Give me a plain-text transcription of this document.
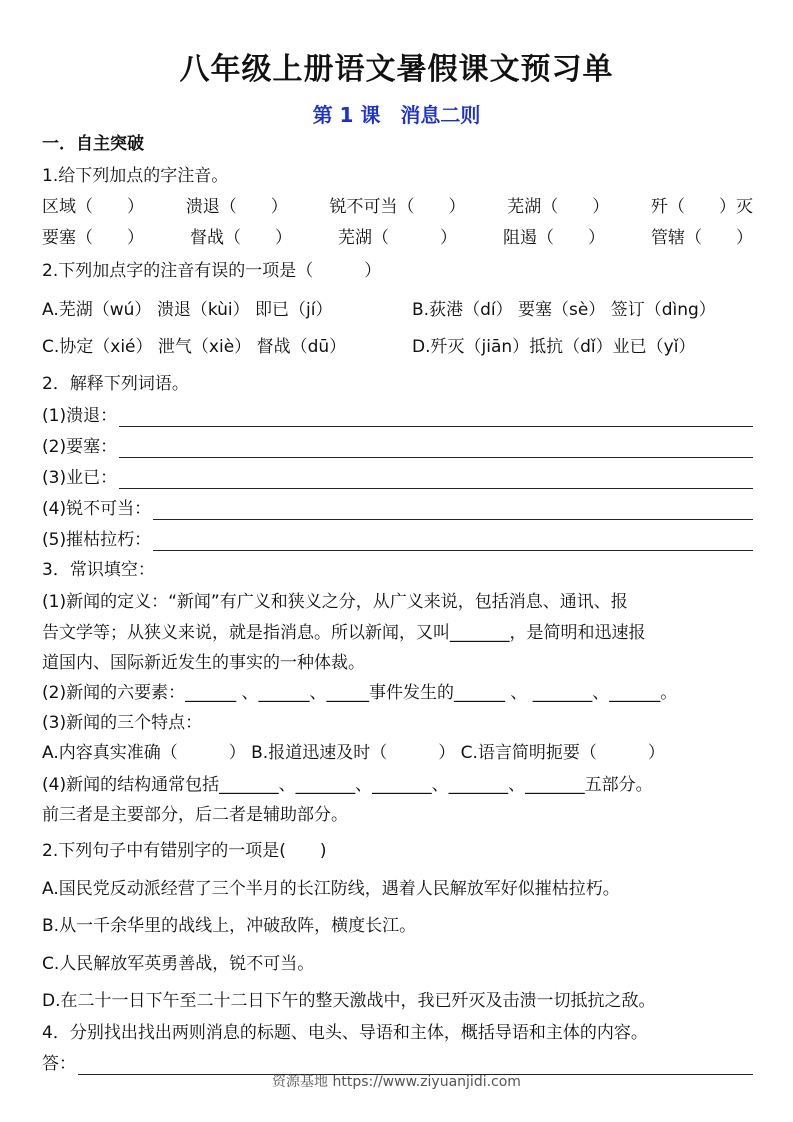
八年级上册语文暑假课文预习单
第 1 课　消息二则
一．自主突破
1.给下列加点的字注音。
区域（　　） 溃退（　　） 锐不可当（　　） 芜湖（　　） 歼（　　）灭
要塞（　　）	督战（　　）	芜湖（　　　）	阻遏（　　）	管辖（　　）
2.下列加点字的注音有误的一项是（　　　）
A.芜湖（wú） 溃退（kùi） 即已（jí）	B.荻港（dí） 要塞（sè） 签订（dìng）
C.协定（xié） 泄气（xiè） 督战（dū）	D.歼灭（jiān）抵抗（dǐ）业已（yǐ）
2．解释下列词语。
(1)溃退：
(2)要塞：
(3)业已：
(4)锐不可当：
(5)摧枯拉朽：
3．常识填空：
(1)新闻的定义：“新闻”有广义和狭义之分，从广义来说，包括消息、通讯、报
告文学等；从狭义来说，就是指消息。所以新闻，又叫_______，是简明和迅速报
道国内、国际新近发生的事实的一种体裁。
(2)新闻的六要素：______ 、______、_____事件发生的______ 、 _______、______。
(3)新闻的三个特点：
A.内容真实准确（　　　） B.报道迅速及时（　　　） C.语言简明扼要（　　　）
(4)新闻的结构通常包括_______、_______、_______、_______、_______五部分。
前三者是主要部分，后二者是辅助部分。
2.下列句子中有错别字的一项是(　　)
A.国民党反动派经营了三个半月的长江防线，遇着人民解放军好似摧枯拉朽。
B.从一千余华里的战线上，冲破敌阵，横度长江。
C.人民解放军英勇善战，锐不可当。
D.在二十一日下午至二十二日下午的整天激战中，我已歼灭及击溃一切抵抗之敌。
4．分别找出找出两则消息的标题、电头、导语和主体，概括导语和主体的内容。
答：
资源基地 https://www.ziyuanjidi.com
